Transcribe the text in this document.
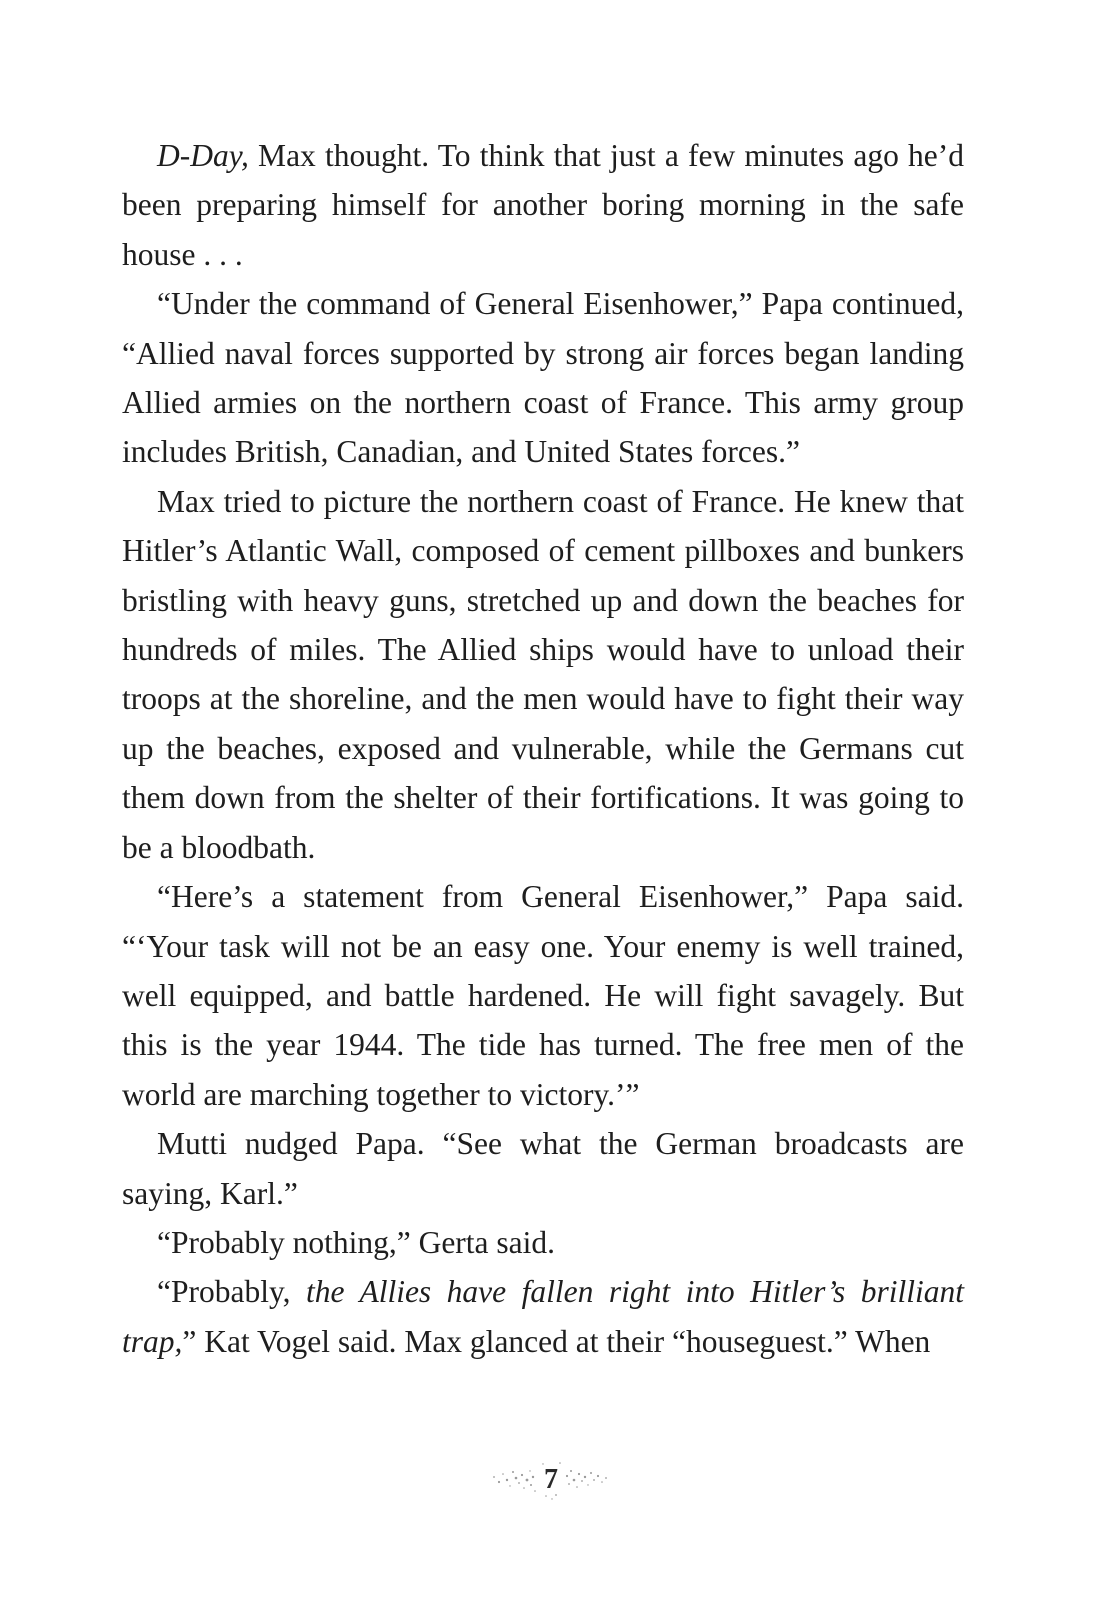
D-Day, Max thought. To think that just a few minutes ago he’d been preparing himself for another boring morning in the safe house . . .

“Under the command of General Eisenhower,” Papa continued, “Allied naval forces supported by strong air forces began landing Allied armies on the northern coast of France. This army group includes British, Canadian, and United States forces.”

Max tried to picture the northern coast of France. He knew that Hitler’s Atlantic Wall, composed of cement pillboxes and bunkers bristling with heavy guns, stretched up and down the beaches for hundreds of miles. The Allied ships would have to unload their troops at the shoreline, and the men would have to fight their way up the beaches, exposed and vulnerable, while the Germans cut them down from the shelter of their fortifications. It was going to be a bloodbath.

“Here’s a statement from General Eisenhower,” Papa said. “‘Your task will not be an easy one. Your enemy is well trained, well equipped, and battle hardened. He will fight savagely. But this is the year 1944. The tide has turned. The free men of the world are marching together to victory.’”

Mutti nudged Papa. “See what the German broadcasts are saying, Karl.”

“Probably nothing,” Gerta said.

“Probably, the Allies have fallen right into Hitler’s brilliant trap,” Kat Vogel said. Max glanced at their “houseguest.” When

7
